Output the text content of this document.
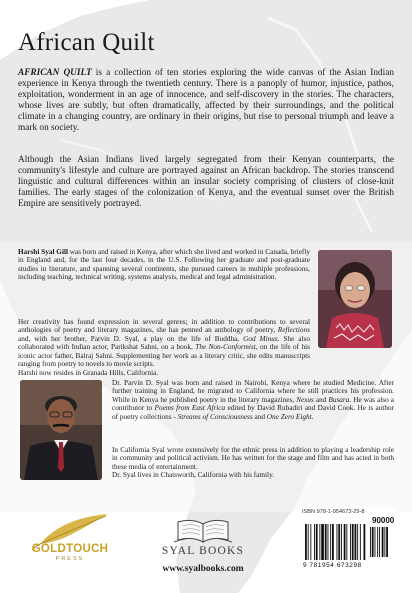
African Quilt
AFRICAN QUILT is a collection of ten stories exploring the wide canvas of the Asian Indian experience in Kenya through the twentieth century. There is a panoply of humor, injustice, pathos, exploitation, wonderment in an age of innocence, and self-discovery in the stories. The characters, whose lives are subtly, but often dramatically, affected by their surroundings, and the political climate in a changing country, are ordinary in their origins, but rise to personal triumph and leave a mark on society.
Although the Asian Indians lived largely segregated from their Kenyan counterparts, the community's lifestyle and culture are portrayed against an African backdrop. The stories transcend linguistic and cultural differences within an insular society comprising of clusters of close-knit families. The early stages of the colonization of Kenya, and the eventual sunset over the British Empire are sensitively portrayed.
Harshi Syal Gill was born and raised in Kenya, after which she lived and worked in Canada, briefly in England and, for the last four decades, in the U.S. Following her graduate and post-graduate studies in literature, and spanning several continents, she pursued careers in multiple professions, including teaching, technical writing, systems analysis, medical and legal administration.
Her creativity has found expression in several genres; in addition to contributions to several anthologies of poetry and literary magazines, she has penned an anthology of poetry, Reflections and, with her brother, Parvin D. Syal, a play on the life of Buddha, God Minus. She also collaborated with Indian actor, Parikshat Sahni, on a book, The Non-Conformist, on the life of his iconic actor father, Balraj Sahni. Supplementing her work as a literary critic, she edits manuscripts ranging from poetry to novels to movie scripts.
Harshi now resides in Granada Hills, California.
Dr. Parvin D. Syal was born and raised in Nairobi, Kenya where he studied Medicine. After further training in England, he migrated to California where he still practices his profession. While in Kenya he published poetry in the literary magazines, Nexus and Busara. He was also a contributor to Poems from East Africa edited by David Rubadiri and David Cook. He is author of poetry collections - Streams of Consciousness and One Zero Eight.
In California Syal wrote extensively for the ethnic press in addition to playing a leadership role in community and political activism. He has written for the stage and film and has acted in both these media of entertainment.
Dr. Syal lives in Chatsworth, California with his family.
GOLDTOUCH
PRESS
SYAL BOOKS
www.syalbooks.com
ISBN 978-1-954673-29-8
90000
9 781954 673298
